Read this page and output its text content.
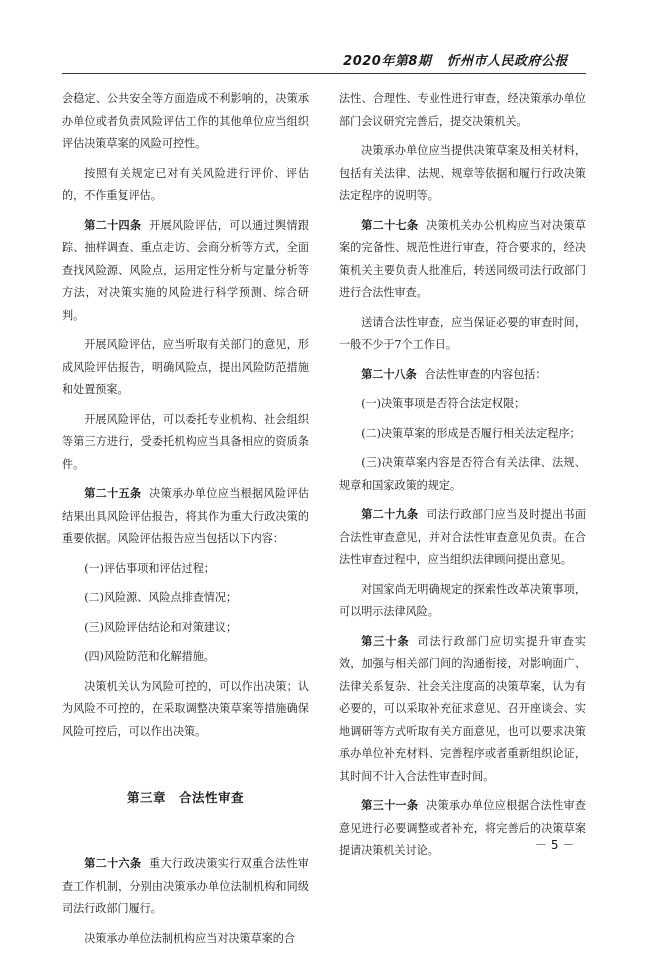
2020年第8期 忻州市人民政府公报

会稳定、公共安全等方面造成不利影响的，决策承办单位或者负责风险评估工作的其他单位应当组织评估决策草案的风险可控性。

按照有关规定已对有关风险进行评价、评估的，不作重复评估。

第二十四条 开展风险评估，可以通过舆情跟踪、抽样调查、重点走访、会商分析等方式，全面查找风险源、风险点，运用定性分析与定量分析等方法，对决策实施的风险进行科学预测、综合研判。

开展风险评估，应当听取有关部门的意见，形成风险评估报告，明确风险点，提出风险防范措施和处置预案。

开展风险评估，可以委托专业机构、社会组织等第三方进行，受委托机构应当具备相应的资质条件。

第二十五条 决策承办单位应当根据风险评估结果出具风险评估报告，将其作为重大行政决策的重要依据。风险评估报告应当包括以下内容：

(一)评估事项和评估过程；

(二)风险源、风险点排查情况；

(三)风险评估结论和对策建议；

(四)风险防范和化解措施。

决策机关认为风险可控的，可以作出决策；认为风险不可控的，在采取调整决策草案等措施确保风险可控后，可以作出决策。

第三章　合法性审查

第二十六条 重大行政决策实行双重合法性审查工作机制，分别由决策承办单位法制机构和同级司法行政部门履行。

决策承办单位法制机构应当对决策草案的合

法性、合理性、专业性进行审查，经决策承办单位部门会议研究完善后，提交决策机关。

决策承办单位应当提供决策草案及相关材料，包括有关法律、法规、规章等依据和履行行政决策法定程序的说明等。

第二十七条 决策机关办公机构应当对决策草案的完备性、规范性进行审查，符合要求的，经决策机关主要负责人批准后，转送同级司法行政部门进行合法性审查。

送请合法性审查，应当保证必要的审查时间，一般不少于7个工作日。

第二十八条 合法性审查的内容包括：

(一)决策事项是否符合法定权限；

(二)决策草案的形成是否履行相关法定程序；

(三)决策草案内容是否符合有关法律、法规、规章和国家政策的规定。

第二十九条 司法行政部门应当及时提出书面合法性审查意见，并对合法性审查意见负责。在合法性审查过程中，应当组织法律顾问提出意见。

对国家尚无明确规定的探索性改革决策事项，可以明示法律风险。

第三十条 司法行政部门应切实提升审查实效，加强与相关部门间的沟通衔接，对影响面广、法律关系复杂、社会关注度高的决策草案，认为有必要的，可以采取补充征求意见、召开座谈会、实地调研等方式听取有关方面意见，也可以要求决策承办单位补充材料、完善程序或者重新组织论证，其时间不计入合法性审查时间。

第三十一条 决策承办单位应根据合法性审查意见进行必要调整或者补充，将完善后的决策草案提请决策机关讨论。	－ 5 －
